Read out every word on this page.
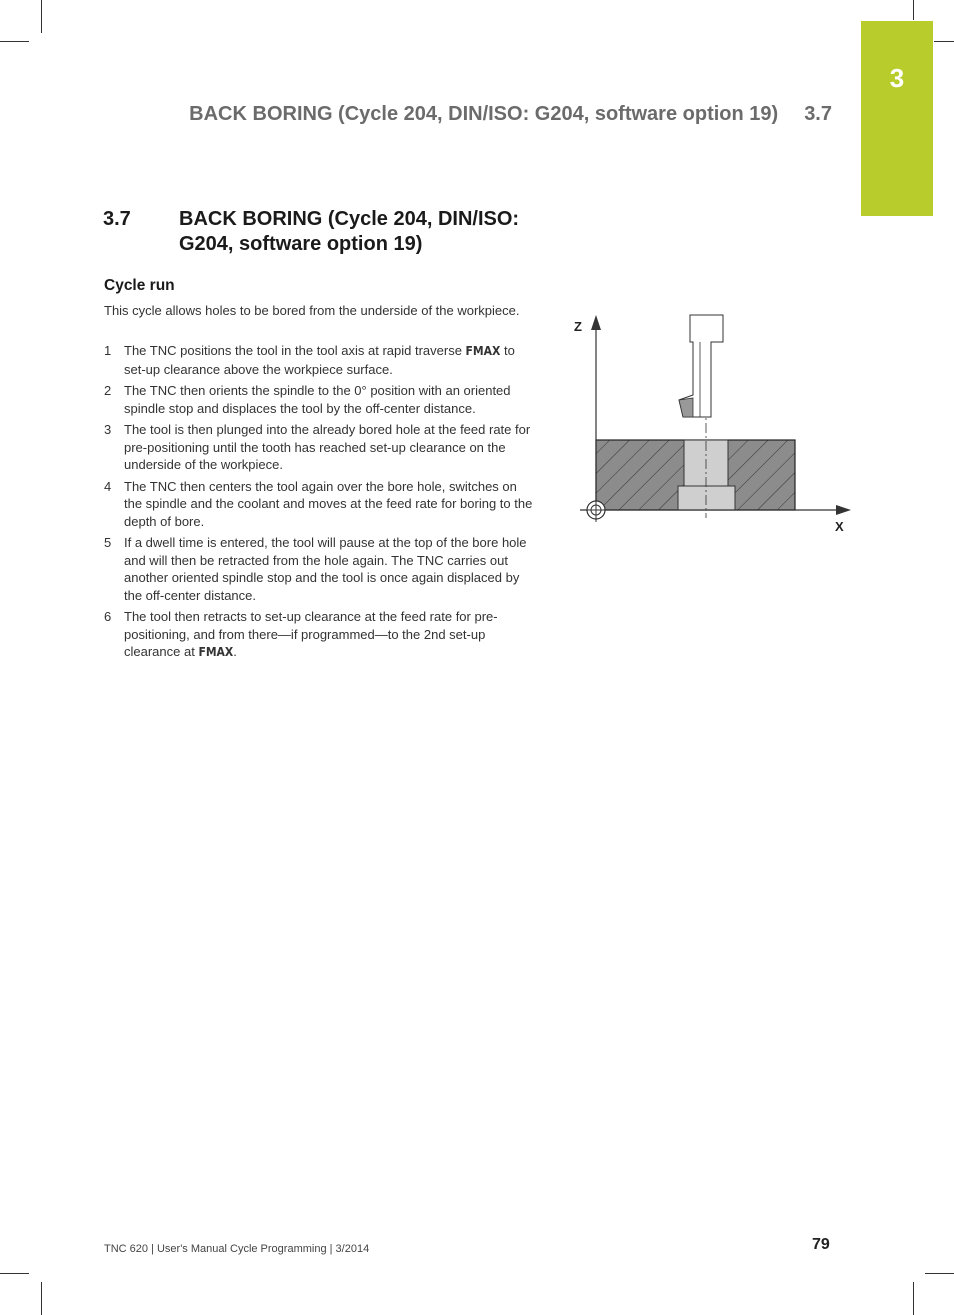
3
BACK BORING (Cycle 204, DIN/ISO: G204, software option 19) 3.7
3.7 BACK BORING (Cycle 204, DIN/ISO:
G204, software option 19)
Cycle run
This cycle allows holes to be bored from the underside of the workpiece.
1 The TNC positions the tool in the tool axis at rapid traverse FMAX to set-up clearance above the workpiece surface.
2 The TNC then orients the spindle to the 0° position with an oriented spindle stop and displaces the tool by the off-center distance.
3 The tool is then plunged into the already bored hole at the feed rate for pre-positioning until the tooth has reached set-up clearance on the underside of the workpiece.
4 The TNC then centers the tool again over the bore hole, switches on the spindle and the coolant and moves at the feed rate for boring to the depth of bore.
5 If a dwell time is entered, the tool will pause at the top of the bore hole and will then be retracted from the hole again. The TNC carries out another oriented spindle stop and the tool is once again displaced by the off-center distance.
6 The tool then retracts to set-up clearance at the feed rate for pre-positioning, and from there—if programmed—to the 2nd set-up clearance at FMAX.
Z
X
TNC 620 | User's Manual Cycle Programming | 3/2014	79
